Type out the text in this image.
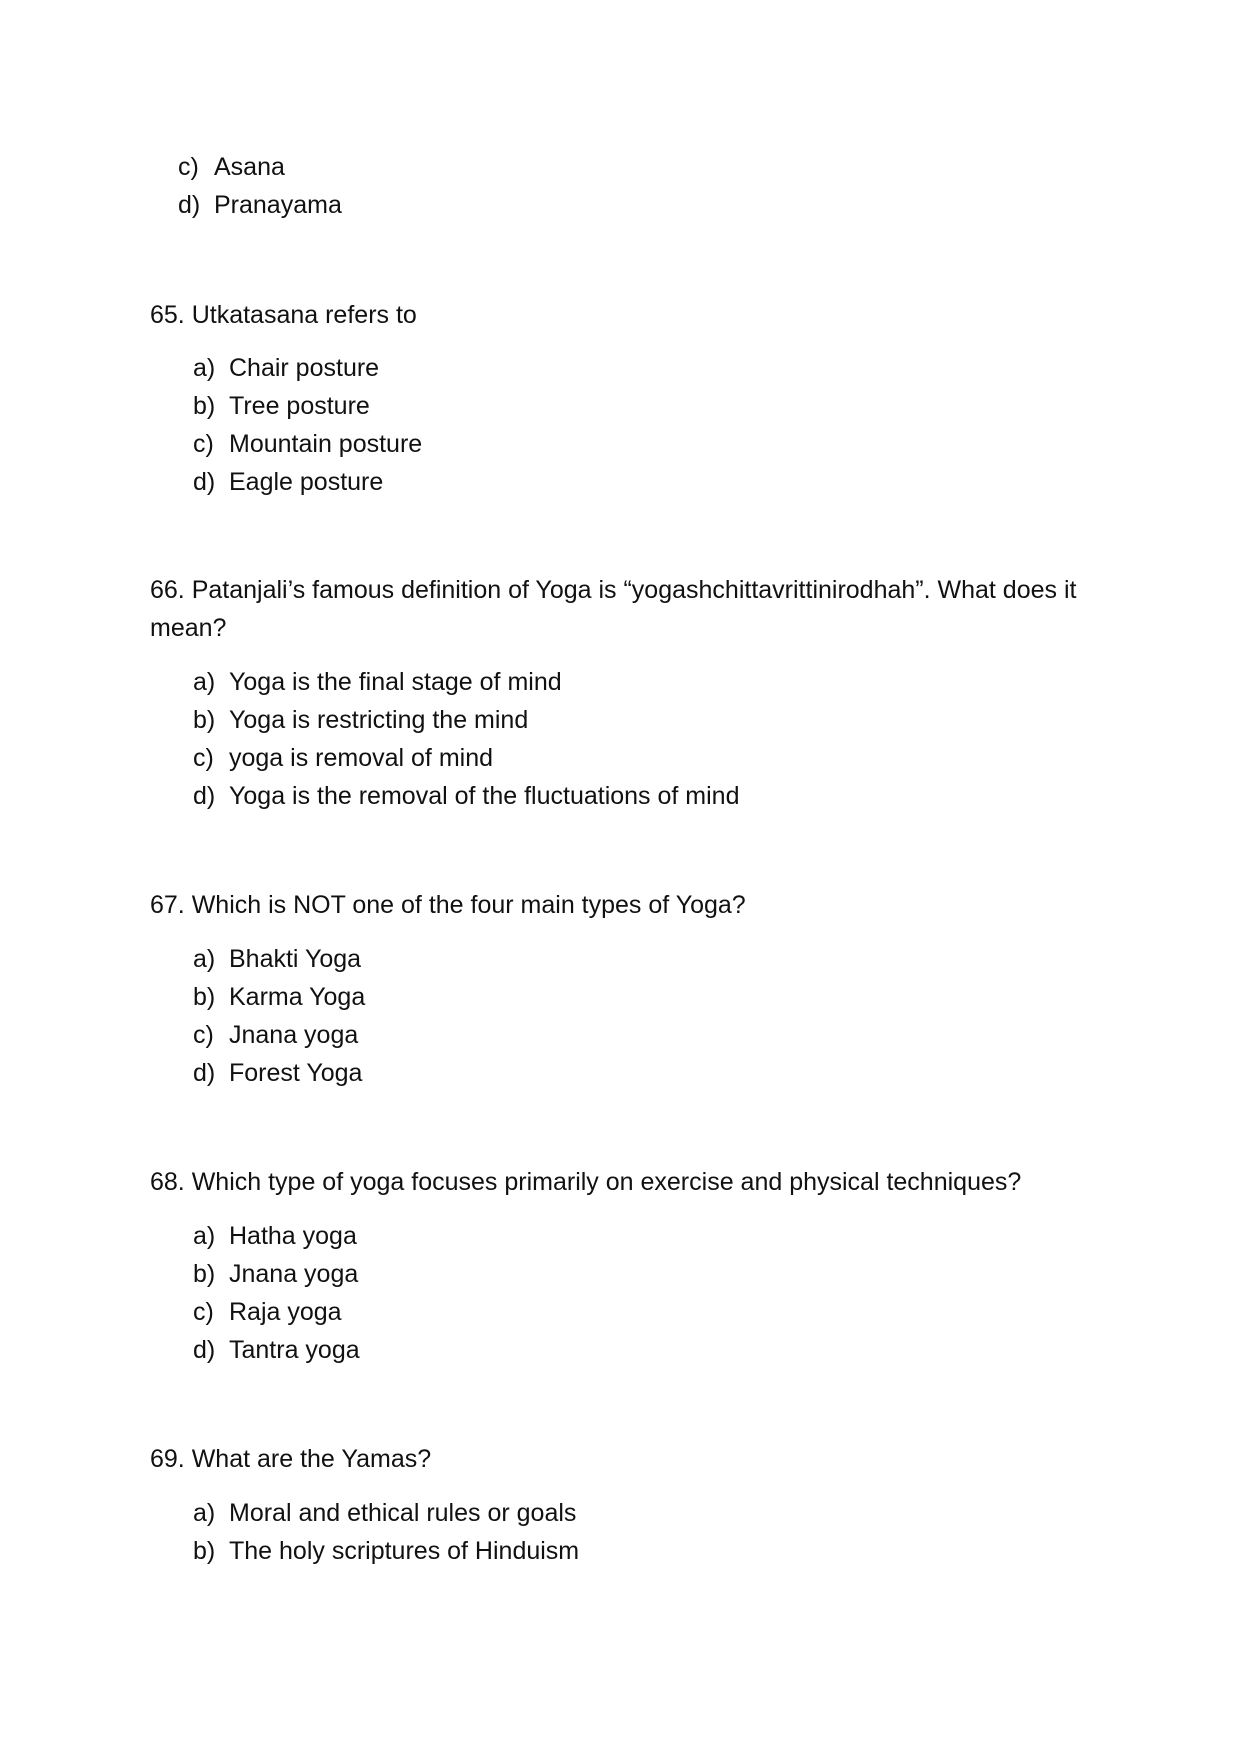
c) Asana
d) Pranayama
65. Utkatasana refers to
a) Chair posture
b) Tree posture
c) Mountain posture
d) Eagle posture
66. Patanjali’s famous definition of Yoga is “yogashchittavrittinirodhah”. What does it mean?
a) Yoga is the final stage of mind
b) Yoga is restricting the mind
c) yoga is removal of mind
d) Yoga is the removal of the fluctuations of mind
67. Which is NOT one of the four main types of Yoga?
a) Bhakti Yoga
b) Karma Yoga
c) Jnana yoga
d) Forest Yoga
68. Which type of yoga focuses primarily on exercise and physical techniques?
a) Hatha yoga
b) Jnana yoga
c) Raja yoga
d) Tantra yoga
69. What are the Yamas?
a) Moral and ethical rules or goals
b) The holy scriptures of Hinduism
